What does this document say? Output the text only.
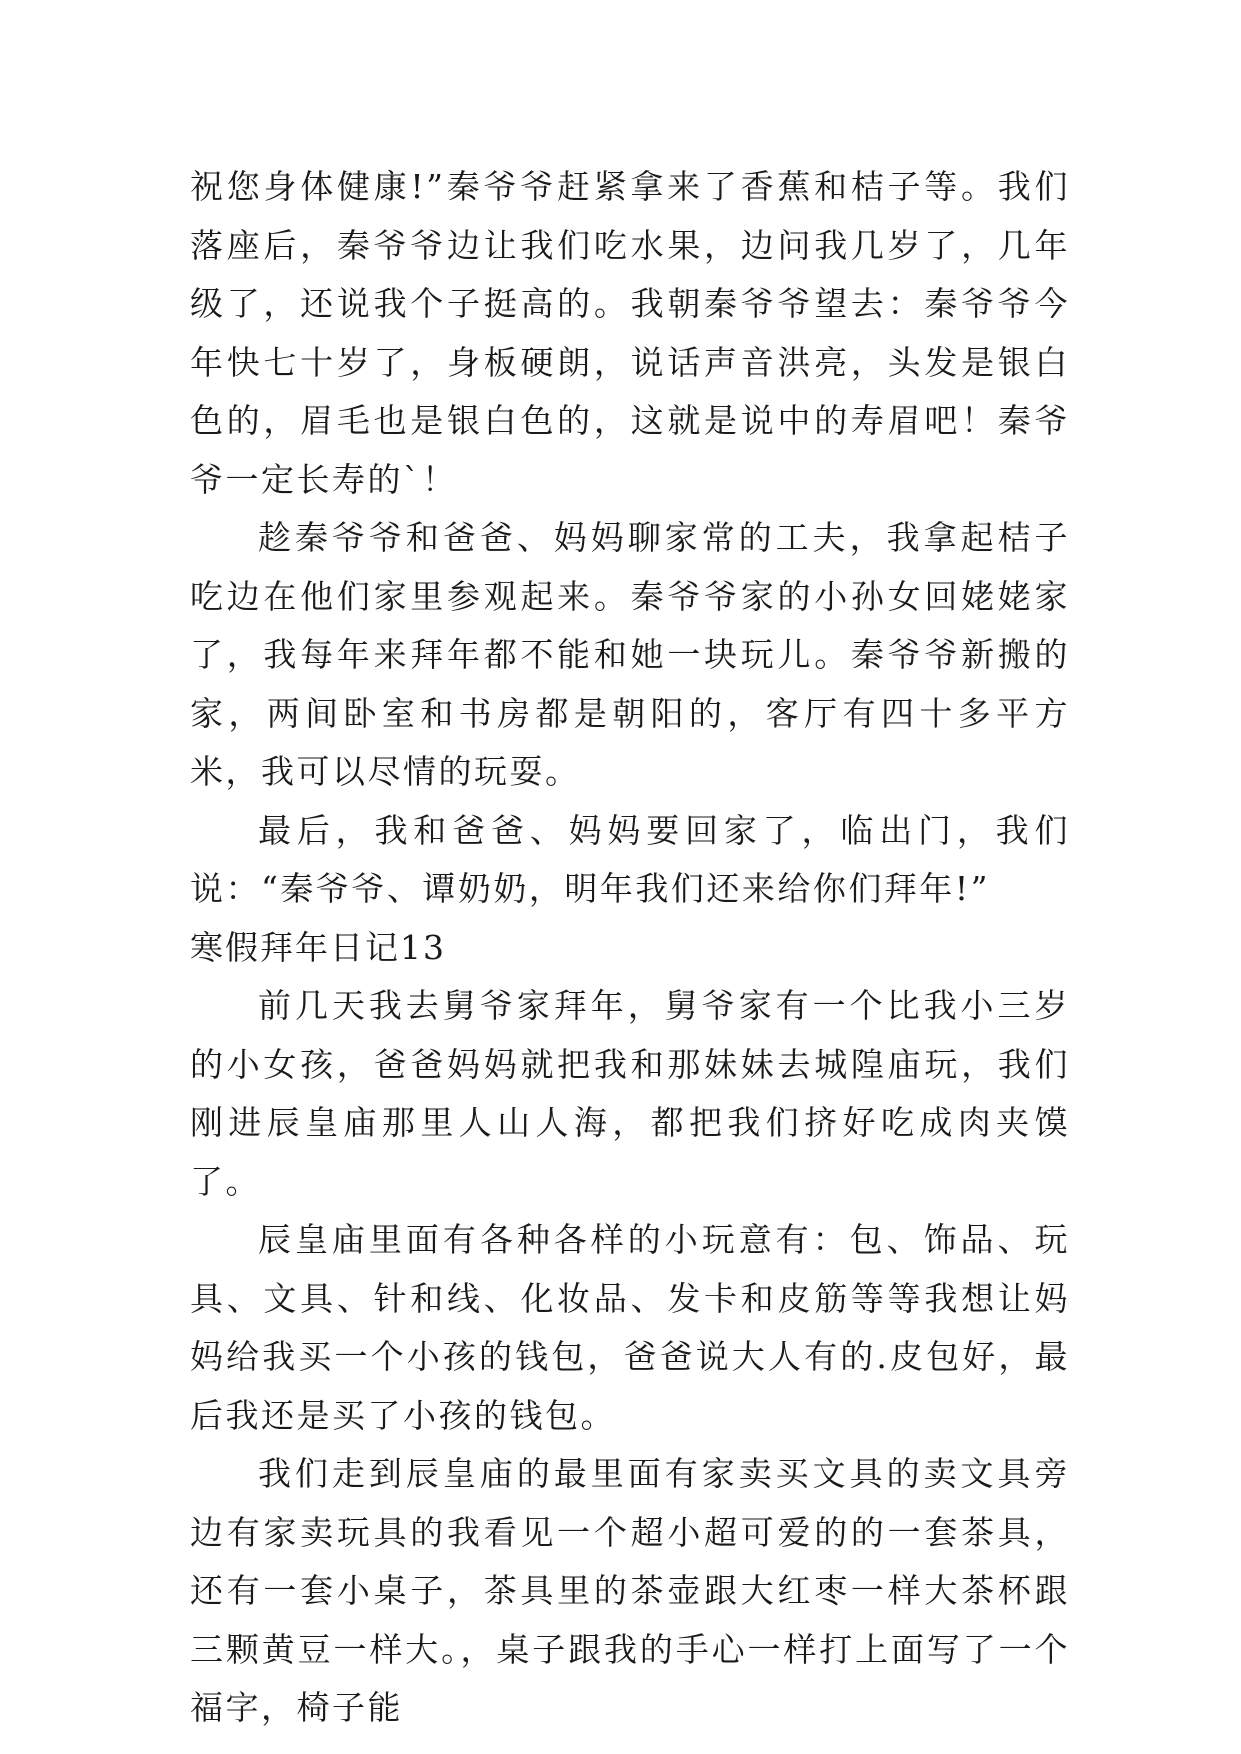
祝您身体健康!”秦爷爷赶紧拿来了香蕉和桔子等。我们落座后，秦爷爷边让我们吃水果，边问我几岁了，几年级了，还说我个子挺高的。我朝秦爷爷望去：秦爷爷今年快七十岁了，身板硬朗，说话声音洪亮，头发是银白色的，眉毛也是银白色的，这就是说中的寿眉吧！秦爷爷一定长寿的`！

趁秦爷爷和爸爸、妈妈聊家常的工夫，我拿起桔子吃边在他们家里参观起来。秦爷爷家的小孙女回姥姥家了，我每年来拜年都不能和她一块玩儿。秦爷爷新搬的家，两间卧室和书房都是朝阳的，客厅有四十多平方米，我可以尽情的玩耍。

最后，我和爸爸、妈妈要回家了，临出门，我们说：“秦爷爷、谭奶奶，明年我们还来给你们拜年!”

寒假拜年日记13

前几天我去舅爷家拜年，舅爷家有一个比我小三岁的小女孩，爸爸妈妈就把我和那妹妹去城隍庙玩，我们刚进辰皇庙那里人山人海，都把我们挤好吃成肉夹馍了。

辰皇庙里面有各种各样的小玩意有：包、饰品、玩具、文具、针和线、化妆品、发卡和皮筋等等我想让妈妈给我买一个小孩的钱包，爸爸说大人有的.皮包好，最后我还是买了小孩的钱包。

我们走到辰皇庙的最里面有家卖买文具的卖文具旁边有家卖玩具的我看见一个超小超可爱的的一套茶具，还有一套小桌子，茶具里的茶壶跟大红枣一样大茶杯跟三颗黄豆一样大。，桌子跟我的手心一样打上面写了一个福字，椅子能
